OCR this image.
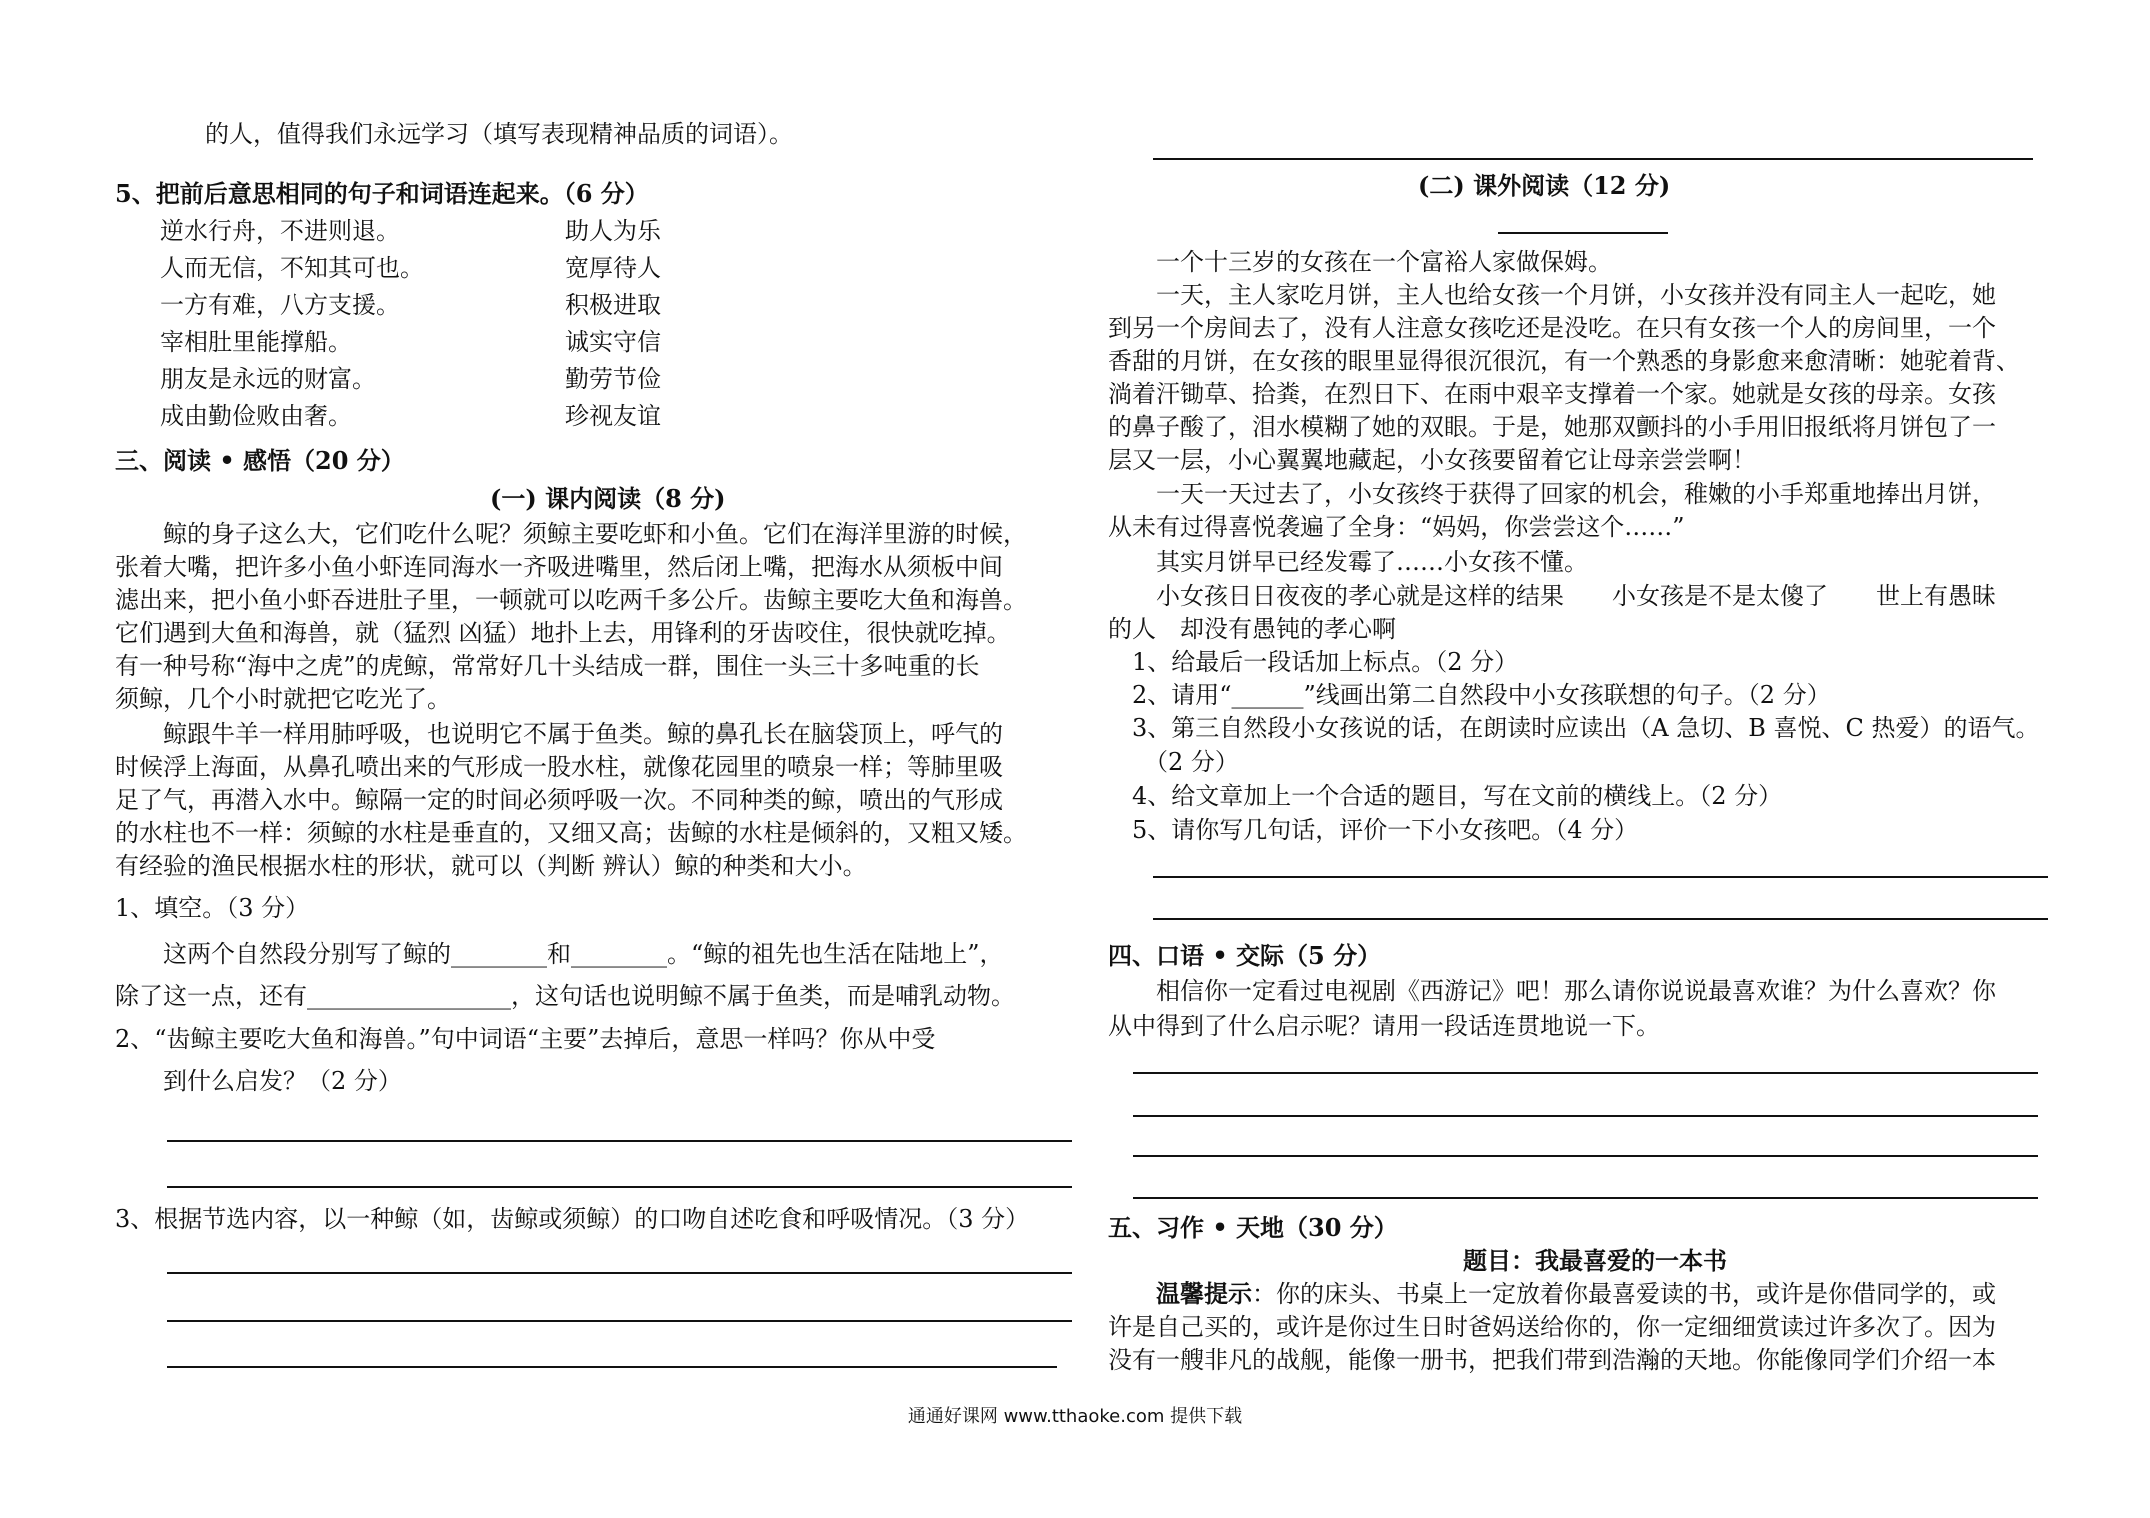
的人，值得我们永远学习（填写表现精神品质的词语）。
5、把前后意思相同的句子和词语连起来。（6 分）
逆水行舟，不进则退。	助人为乐
人而无信，不知其可也。	宽厚待人
一方有难，八方支援。	积极进取
宰相肚里能撑船。	诚实守信
朋友是永远的财富。	勤劳节俭
成由勤俭败由奢。	珍视友谊
三、阅读 • 感悟（20 分）
(一) 课内阅读（8 分)
　　鲸的身子这么大，它们吃什么呢？须鲸主要吃虾和小鱼。它们在海洋里游的时候，
张着大嘴，把许多小鱼小虾连同海水一齐吸进嘴里，然后闭上嘴，把海水从须板中间
滤出来，把小鱼小虾吞进肚子里，一顿就可以吃两千多公斤。齿鲸主要吃大鱼和海兽。
它们遇到大鱼和海兽，就（猛烈 凶猛）地扑上去，用锋利的牙齿咬住，很快就吃掉。
有一种号称“海中之虎”的虎鲸，常常好几十头结成一群，围住一头三十多吨重的长
须鲸，几个小时就把它吃光了。
　　鲸跟牛羊一样用肺呼吸，也说明它不属于鱼类。鲸的鼻孔长在脑袋顶上，呼气的
时候浮上海面，从鼻孔喷出来的气形成一股水柱，就像花园里的喷泉一样；等肺里吸
足了气，再潜入水中。鲸隔一定的时间必须呼吸一次。不同种类的鲸，喷出的气形成
的水柱也不一样：须鲸的水柱是垂直的，又细又高；齿鲸的水柱是倾斜的，又粗又矮。
有经验的渔民根据水柱的形状，就可以（判断 辨认）鲸的种类和大小。
1、填空。（3 分）
　　这两个自然段分别写了鲸的________和________。“鲸的祖先也生活在陆地上”，
除了这一点，还有_________________，这句话也说明鲸不属于鱼类，而是哺乳动物。
2、“齿鲸主要吃大鱼和海兽。”句中词语“主要”去掉后，意思一样吗？你从中受
　　到什么启发？（2 分）
3、根据节选内容，以一种鲸（如，齿鲸或须鲸）的口吻自述吃食和呼吸情况。（3 分）
(二) 课外阅读（12 分)
　　一个十三岁的女孩在一个富裕人家做保姆。
　　一天，主人家吃月饼，主人也给女孩一个月饼，小女孩并没有同主人一起吃，她
到另一个房间去了，没有人注意女孩吃还是没吃。在只有女孩一个人的房间里，一个
香甜的月饼，在女孩的眼里显得很沉很沉，有一个熟悉的身影愈来愈清晰：她驼着背、
淌着汗锄草、拾粪，在烈日下、在雨中艰辛支撑着一个家。她就是女孩的母亲。女孩
的鼻子酸了，泪水模糊了她的双眼。于是，她那双颤抖的小手用旧报纸将月饼包了一
层又一层，小心翼翼地藏起，小女孩要留着它让母亲尝尝啊！
　　一天一天过去了，小女孩终于获得了回家的机会，稚嫩的小手郑重地捧出月饼，
从未有过得喜悦袭遍了全身：“妈妈，你尝尝这个……”
　　其实月饼早已经发霉了……小女孩不懂。
　　小女孩日日夜夜的孝心就是这样的结果　　小女孩是不是太傻了　　世上有愚昧
的人　却没有愚钝的孝心啊
　1、给最后一段话加上标点。（2 分）
　2、请用“______”线画出第二自然段中小女孩联想的句子。（2 分）
　3、第三自然段小女孩说的话，在朗读时应读出（A 急切、B 喜悦、C 热爱）的语气。
　　（2 分）
　4、给文章加上一个合适的题目，写在文前的横线上。（2 分）
　5、请你写几句话，评价一下小女孩吧。（4 分）
四、口语 • 交际（5 分）
　　相信你一定看过电视剧《西游记》吧！那么请你说说最喜欢谁？为什么喜欢？你
从中得到了什么启示呢？请用一段话连贯地说一下。
五、习作 • 天地（30 分）
题目：我最喜爱的一本书
　　温馨提示：你的床头、书桌上一定放着你最喜爱读的书，或许是你借同学的，或
许是自己买的，或许是你过生日时爸妈送给你的，你一定细细赏读过许多次了。因为
没有一艘非凡的战舰，能像一册书，把我们带到浩瀚的天地。你能像同学们介绍一本
通通好课网 www.tthaoke.com 提供下载
